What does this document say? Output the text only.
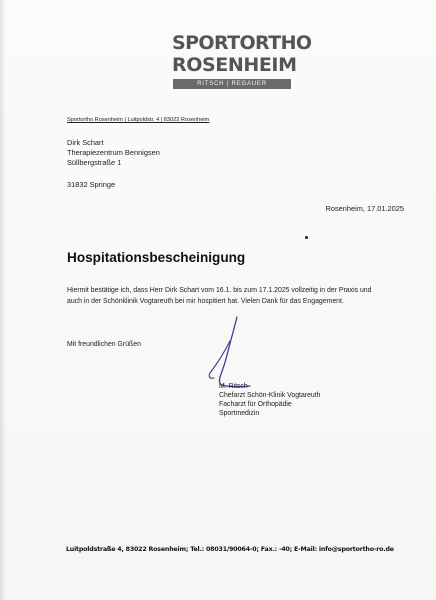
SPORTORTHO
ROSENHEIM
RITSCH | REGAUER
Sportortho Rosenheim | Luitpoldstr. 4 | 83022 Rosenheim
Dirk Schart
Therapiezentrum Bennigsen
Süllbergstraße 1
31832 Springe
Rosenheim, 17.01.2025
Hospitationsbescheinigung
Hiermit bestätige ich, dass Herr Dirk Schart vom 16.1. bis zum 17.1.2025 vollzeitig in der Praxis und
auch in der Schönklinik Vogtareuth bei mir hospitiert hat. Vielen Dank für das Engagement.
Mit freundlichen Grüßen
M. Ritsch
Chefarzt Schön-Klinik Vogtareuth
Facharzt für Orthopädie
Sportmedizin
Luitpoldstraße 4, 83022 Rosenheim; Tel.: 08031/90064-0; Fax.: -40; E-Mail: info@sportortho-ro.de
